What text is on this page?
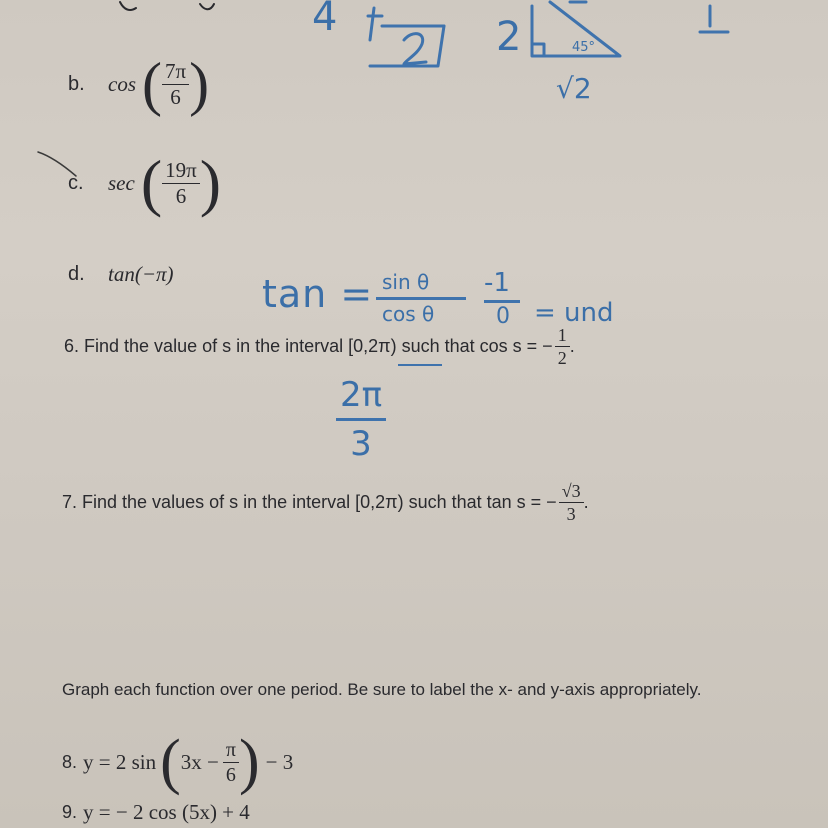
4	2	45°
√2
b.	cos ( $\frac{7\pi}{6}$ )
c.	sec ( $\frac{19\pi}{6}$ )
d.	tan(−π) tan = sin θ
cos θ
-1
0 = und
6. Find the value of s in the interval [0,2π) such that cos s = − $\frac{1}{2}$ .
2π
3
7. Find the values of s in the interval [0,2π) such that tan s = − $\frac{√3}{3}$ .
Graph each function over one period. Be sure to label the x- and y-axis appropriately.
8. y = 2 sin ( $3x - \frac{\pi}{6}$ ) − 3
9. y = − 2 cos (5x) + 4
